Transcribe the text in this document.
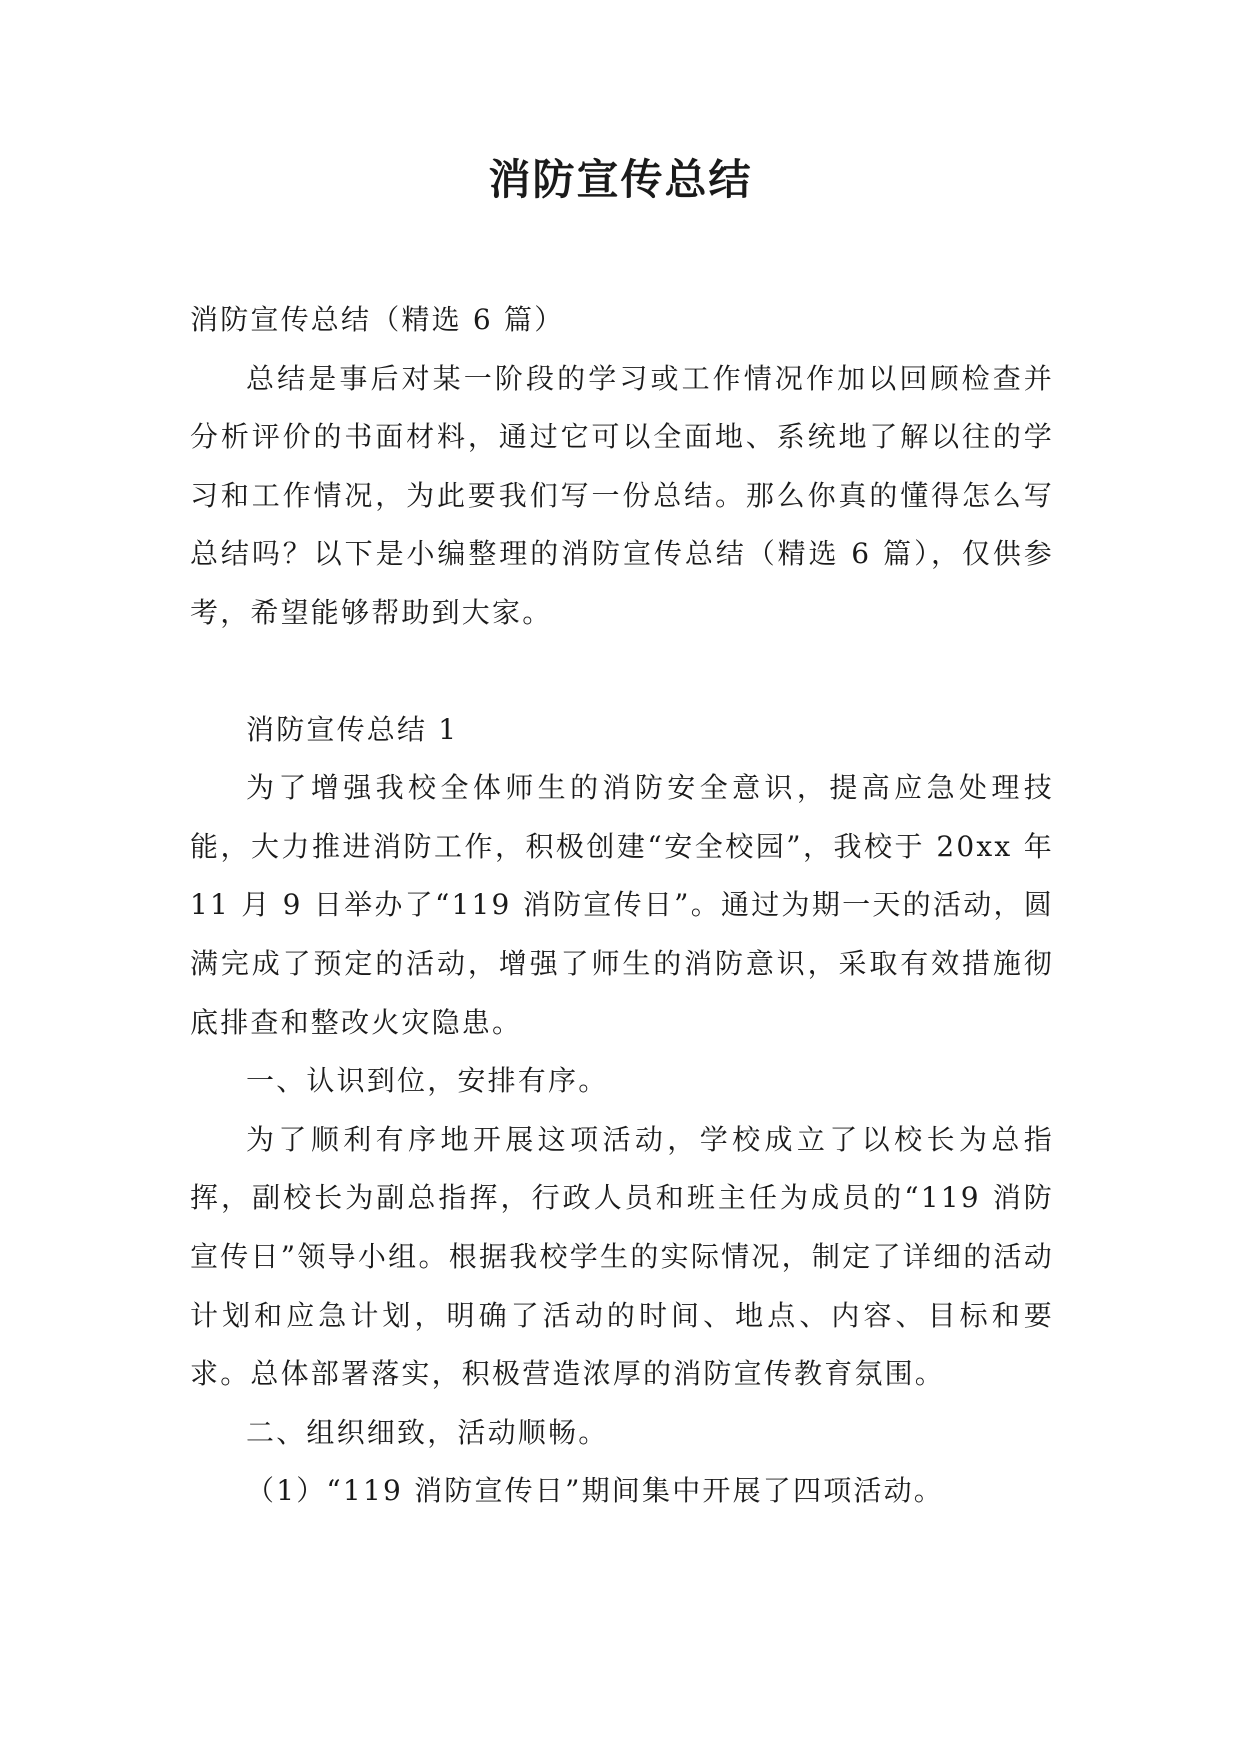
消防宣传总结

消防宣传总结（精选 6 篇）

总结是事后对某一阶段的学习或工作情况作加以回顾检查并分析评价的书面材料，通过它可以全面地、系统地了解以往的学习和工作情况，为此要我们写一份总结。那么你真的懂得怎么写总结吗？以下是小编整理的消防宣传总结（精选 6 篇），仅供参考，希望能够帮助到大家。

消防宣传总结 1

为了增强我校全体师生的消防安全意识，提高应急处理技能，大力推进消防工作，积极创建“安全校园”，我校于 20xx 年 11 月 9 日举办了“119 消防宣传日”。通过为期一天的活动，圆满完成了预定的活动，增强了师生的消防意识，采取有效措施彻底排查和整改火灾隐患。

一、认识到位，安排有序。

为了顺利有序地开展这项活动，学校成立了以校长为总指挥，副校长为副总指挥，行政人员和班主任为成员的“119 消防宣传日”领导小组。根据我校学生的实际情况，制定了详细的活动计划和应急计划，明确了活动的时间、地点、内容、目标和要求。总体部署落实，积极营造浓厚的消防宣传教育氛围。

二、组织细致，活动顺畅。

（1）“119 消防宣传日”期间集中开展了四项活动。
